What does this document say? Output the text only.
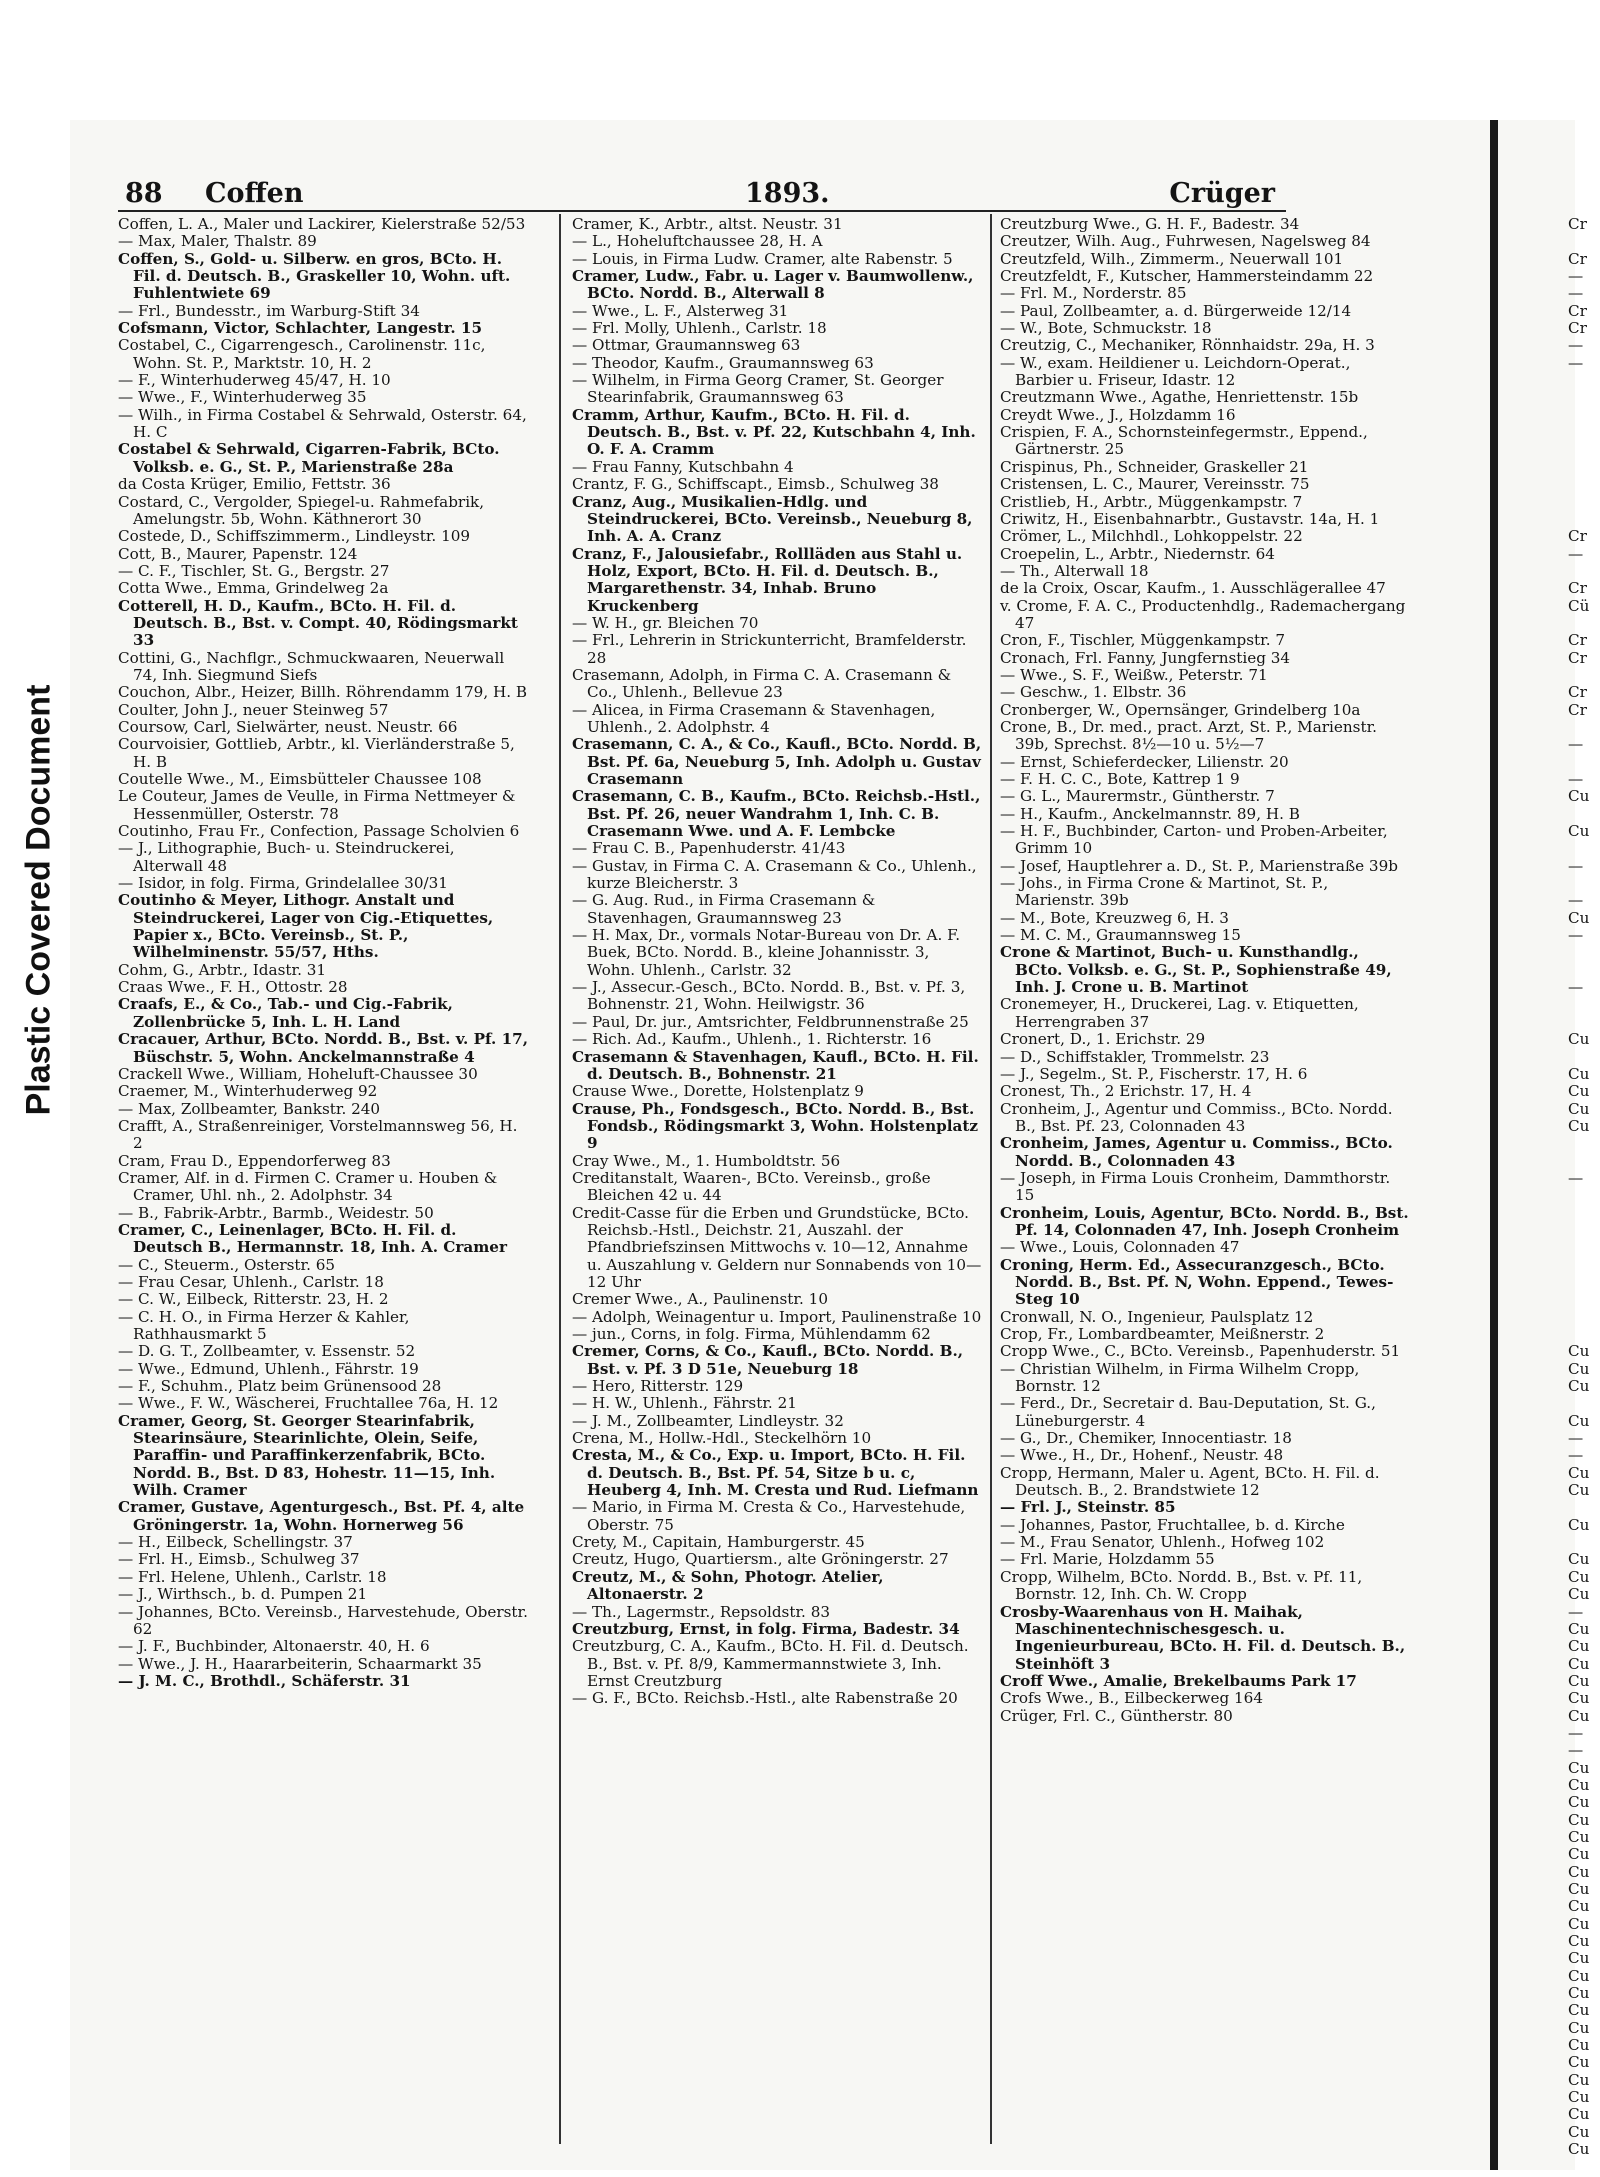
Plastic Covered Document
88 Coffen	1893.	Crüger

Coffen, L. A., Maler und Lackirer, Kielerstraße 52/53

— Max, Maler, Thalstr. 89

Coffen, S., Gold- u. Silberw. en gros, BCto. H. Fil. d. Deutsch. B., Graskeller 10, Wohn. uft. Fuhlentwiete 69

— Frl., Bundesstr., im Warburg-Stift 34

Cofsmann, Victor, Schlachter, Langestr. 15

Costabel, C., Cigarrengesch., Carolinenstr. 11c, Wohn. St. P., Marktstr. 10, H. 2

— F., Winterhuderweg 45/47, H. 10

— Wwe., F., Winterhuderweg 35

— Wilh., in Firma Costabel & Sehrwald, Osterstr. 64, H. C

Costabel & Sehrwald, Cigarren-Fabrik, BCto. Volksb. e. G., St. P., Marienstraße 28a

da Costa Krüger, Emilio, Fettstr. 36

Costard, C., Vergolder, Spiegel-u. Rahmefabrik, Amelungstr. 5b, Wohn. Käthnerort 30

Costede, D., Schiffszimmerm., Lindleystr. 109

Cott, B., Maurer, Papenstr. 124

— C. F., Tischler, St. G., Bergstr. 27

Cotta Wwe., Emma, Grindelweg 2a

Cotterell, H. D., Kaufm., BCto. H. Fil. d. Deutsch. B., Bst. v. Compt. 40, Rödingsmarkt 33

Cottini, G., Nachflgr., Schmuckwaaren, Neuerwall 74, Inh. Siegmund Siefs

Couchon, Albr., Heizer, Billh. Röhrendamm 179, H. B

Coulter, John J., neuer Steinweg 57

Coursow, Carl, Sielwärter, neust. Neustr. 66

Courvoisier, Gottlieb, Arbtr., kl. Vierländerstraße 5, H. B

Coutelle Wwe., M., Eimsbütteler Chaussee 108

Le Couteur, James de Veulle, in Firma Nettmeyer & Hessenmüller, Osterstr. 78

Coutinho, Frau Fr., Confection, Passage Scholvien 6

— J., Lithographie, Buch- u. Steindruckerei, Alterwall 48

— Isidor, in folg. Firma, Grindelallee 30/31

Coutinho & Meyer, Lithogr. Anstalt und Steindruckerei, Lager von Cig.-Etiquettes, Papier x., BCto. Vereinsb., St. P., Wilhelminenstr. 55/57, Hths.

Cohm, G., Arbtr., Idastr. 31

Craas Wwe., F. H., Ottostr. 28

Craafs, E., & Co., Tab.- und Cig.-Fabrik, Zollenbrücke 5, Inh. L. H. Land

Cracauer, Arthur, BCto. Nordd. B., Bst. v. Pf. 17, Büschstr. 5, Wohn. Anckelmannstraße 4

Crackell Wwe., William, Hoheluft-Chaussee 30

Craemer, M., Winterhuderweg 92

— Max, Zollbeamter, Bankstr. 240

Crafft, A., Straßenreiniger, Vorstelmannsweg 56, H. 2

Cram, Frau D., Eppendorferweg 83

Cramer, Alf. in d. Firmen C. Cramer u. Houben & Cramer, Uhl. nh., 2. Adolphstr. 34

— B., Fabrik-Arbtr., Barmb., Weidestr. 50

Cramer, C., Leinenlager, BCto. H. Fil. d. Deutsch B., Hermannstr. 18, Inh. A. Cramer

— C., Steuerm., Osterstr. 65

— Frau Cesar, Uhlenh., Carlstr. 18

— C. W., Eilbeck, Ritterstr. 23, H. 2

— C. H. O., in Firma Herzer & Kahler, Rathhausmarkt 5

— D. G. T., Zollbeamter, v. Essenstr. 52

— Wwe., Edmund, Uhlenh., Fährstr. 19

— F., Schuhm., Platz beim Grünensood 28

— Wwe., F. W., Wäscherei, Fruchtallee 76a, H. 12

Cramer, Georg, St. Georger Stearinfabrik, Stearinsäure, Stearinlichte, Olein, Seife, Paraffin- und Paraffinkerzenfabrik, BCto. Nordd. B., Bst. D 83, Hohestr. 11—15, Inh. Wilh. Cramer

Cramer, Gustave, Agenturgesch., Bst. Pf. 4, alte Gröningerstr. 1a, Wohn. Hornerweg 56

— H., Eilbeck, Schellingstr. 37

— Frl. H., Eimsb., Schulweg 37

— Frl. Helene, Uhlenh., Carlstr. 18

— J., Wirthsch., b. d. Pumpen 21

— Johannes, BCto. Vereinsb., Harvestehudе, Oberstr. 62

— J. F., Buchbinder, Altonaerstr. 40, H. 6

— Wwe., J. H., Haararbeiterin, Schaarmarkt 35

— J. M. C., Brothdl., Schäferstr. 31

Cramer, K., Arbtr., altst. Neustr. 31

— L., Hoheluftchaussee 28, H. A

— Louis, in Firma Ludw. Cramer, alte Rabenstr. 5

Cramer, Ludw., Fabr. u. Lager v. Baumwollenw., BCto. Nordd. B., Alterwall 8

— Wwe., L. F., Alsterweg 31

— Frl. Molly, Uhlenh., Carlstr. 18

— Ottmar, Graumannsweg 63

— Theodor, Kaufm., Graumannsweg 63

— Wilhelm, in Firma Georg Cramer, St. Georger Stearinfabrik, Graumannsweg 63

Cramm, Arthur, Kaufm., BCto. H. Fil. d. Deutsch. B., Bst. v. Pf. 22, Kutschbahn 4, Inh. O. F. A. Cramm

— Frau Fanny, Kutschbahn 4

Crantz, F. G., Schiffscapt., Eimsb., Schulweg 38

Cranz, Aug., Musikalien-Hdlg. und Steindruckerei, BCto. Vereinsb., Neueburg 8, Inh. A. A. Cranz

Cranz, F., Jalousiefabr., Rollläden aus Stahl u. Holz, Export, BCto. H. Fil. d. Deutsch. B., Margarethenstr. 34, Inhab. Bruno Kruckenberg

— W. H., gr. Bleichen 70

— Frl., Lehrerin in Strickunterricht, Bramfelderstr. 28

Crasemann, Adolph, in Firma C. A. Crasemann & Co., Uhlenh., Bellevue 23

— Alicea, in Firma Crasemann & Stavenhagen, Uhlenh., 2. Adolphstr. 4

Crasemann, C. A., & Co., Kaufl., BCto. Nordd. B, Bst. Pf. 6a, Neueburg 5, Inh. Adolph u. Gustav Crasemann

Crasemann, C. B., Kaufm., BCto. Reichsb.-Hstl., Bst. Pf. 26, neuer Wandrahm 1, Inh. C. B. Crasemann Wwe. und A. F. Lembcke

— Frau C. B., Papenhuderstr. 41/43

— Gustav, in Firma C. A. Crasemann & Co., Uhlenh., kurze Bleicherstr. 3

— G. Aug. Rud., in Firma Crasemann & Stavenhagen, Graumannsweg 23

— H. Max, Dr., vormals Notar-Bureau von Dr. A. F. Buek, BCto. Nordd. B., kleine Johannisstr. 3, Wohn. Uhlenh., Carlstr. 32

— J., Assecur.-Gesch., BCto. Nordd. B., Bst. v. Pf. 3, Bohnenstr. 21, Wohn. Heilwigstr. 36

— Paul, Dr. jur., Amtsrichter, Feldbrunnenstraße 25

— Rich. Ad., Kaufm., Uhlenh., 1. Richterstr. 16

Crasemann & Stavenhagen, Kaufl., BCto. H. Fil. d. Deutsch. B., Bohnenstr. 21

Crause Wwe., Dorette, Holstenplatz 9

Crause, Ph., Fondsgesch., BCto. Nordd. B., Bst. Fondsb., Rödingsmarkt 3, Wohn. Holstenplatz 9

Cray Wwe., M., 1. Humboldtstr. 56

Creditanstalt, Waaren-, BCto. Vereinsb., große Bleichen 42 u. 44

Credit-Casse für die Erben und Grundstücke, BCto. Reichsb.-Hstl., Deichstr. 21, Auszahl. der Pfandbriefszinsen Mittwochs v. 10—12, Annahme u. Auszahlung v. Geldern nur Sonnabends von 10—12 Uhr

Cremer Wwe., A., Paulinenstr. 10

— Adolph, Weinagentur u. Import, Paulinenstraße 10

— jun., Corns, in folg. Firma, Mühlendamm 62

Cremer, Corns, & Co., Kaufl., BCto. Nordd. B., Bst. v. Pf. 3 D 51e, Neueburg 18

— Hero, Ritterstr. 129

— H. W., Uhlenh., Fährstr. 21

— J. M., Zollbeamter, Lindleystr. 32

Crena, M., Hollw.-Hdl., Steckelhörn 10

Cresta, M., & Co., Exp. u. Import, BCto. H. Fil. d. Deutsch. B., Bst. Pf. 54, Sitze b u. c, Heuberg 4, Inh. M. Cresta und Rud. Liefmann

— Mario, in Firma M. Cresta & Co., Harvestehude, Oberstr. 75

Crety, M., Capitain, Hamburgerstr. 45

Creutz, Hugo, Quartiersm., alte Gröningerstr. 27

Creutz, M., & Sohn, Photogr. Atelier, Altonaerstr. 2

— Th., Lagermstr., Repsoldstr. 83

Creutzburg, Ernst, in folg. Firma, Badestr. 34

Creutzburg, C. A., Kaufm., BCto. H. Fil. d. Deutsch. B., Bst. v. Pf. 8/9, Kammermannstwiete 3, Inh. Ernst Creutzburg

— G. F., BCto. Reichsb.-Hstl., alte Rabenstraße 20

Creutzburg Wwe., G. H. F., Badestr. 34

Creutzer, Wilh. Aug., Fuhrwesen, Nagelsweg 84

Creutzfeld, Wilh., Zimmerm., Neuerwall 101

Creutzfeldt, F., Kutscher, Hammersteindamm 22

— Frl. M., Norderstr. 85

— Paul, Zollbeamter, a. d. Bürgerweide 12/14

— W., Bote, Schmuckstr. 18

Creutzig, C., Mechaniker, Rönnhaidstr. 29a, H. 3

— W., exam. Heildiener u. Leichdorn-Operat., Barbier u. Friseur, Idastr. 12

Creutzmann Wwe., Agathe, Henriettenstr. 15b

Creydt Wwe., J., Holzdamm 16

Crispien, F. A., Schornsteinfegermstr., Eppend., Gärtnerstr. 25

Crispinus, Ph., Schneider, Graskeller 21

Cristensen, L. C., Maurer, Vereinsstr. 75

Cristlieb, H., Arbtr., Müggenkampstr. 7

Criwitz, H., Eisenbahnarbtr., Gustavstr. 14a, H. 1

Crömer, L., Milchhdl., Lohkoppelstr. 22

Croepelin, L., Arbtr., Niedernstr. 64

— Th., Alterwall 18

de la Croix, Oscar, Kaufm., 1. Ausschlägerallee 47

v. Crome, F. A. C., Productenhdlg., Rademachergang 47

Cron, F., Tischler, Müggenkampstr. 7

Cronach, Frl. Fanny, Jungfernstieg 34

— Wwe., S. F., Weißw., Peterstr. 71

— Geschw., 1. Elbstr. 36

Cronberger, W., Opernsänger, Grindelberg 10a

Crone, B., Dr. med., pract. Arzt, St. P., Marienstr. 39b, Sprechst. 8½—10 u. 5½—7

— Ernst, Schieferdecker, Lilienstr. 20

— F. H. C. C., Bote, Kattrep 1 9

— G. L., Maurermstr., Güntherstr. 7

— H., Kaufm., Anckelmannstr. 89, H. B

— H. F., Buchbinder, Carton- und Proben-Arbeiter, Grimm 10

— Josef, Hauptlehrer a. D., St. P., Marienstraße 39b

— Johs., in Firma Crone & Martinot, St. P., Marienstr. 39b

— M., Bote, Kreuzweg 6, H. 3

— M. C. M., Graumannsweg 15

Crone & Martinot, Buch- u. Kunsthandlg., BCto. Volksb. e. G., St. P., Sophienstraße 49, Inh. J. Crone u. B. Martinot

Cronemeyer, H., Druckerei, Lag. v. Etiquetten, Herrengraben 37

Cronert, D., 1. Erichstr. 29

— D., Schiffstakler, Trommelstr. 23

— J., Segelm., St. P., Fischerstr. 17, H. 6

Cronest, Th., 2 Erichstr. 17, H. 4

Cronheim, J., Agentur und Commiss., BCto. Nordd. B., Bst. Pf. 23, Colonnaden 43

Cronheim, James, Agentur u. Commiss., BCto. Nordd. B., Colonnaden 43

— Joseph, in Firma Louis Cronheim, Dammthorstr. 15

Cronheim, Louis, Agentur, BCto. Nordd. B., Bst. Pf. 14, Colonnaden 47, Inh. Joseph Cronheim

— Wwe., Louis, Colonnaden 47

Croning, Herm. Ed., Assecuranzgesch., BCto. Nordd. B., Bst. Pf. N, Wohn. Eppend., Tewes-Steg 10

Cronwall, N. O., Ingenieur, Paulsplatz 12

Crop, Fr., Lombardbeamter, Meißnerstr. 2

Cropp Wwe., C., BCto. Vereinsb., Papenhuderstr. 51

— Christian Wilhelm, in Firma Wilhelm Cropp, Bornstr. 12

— Ferd., Dr., Secretair d. Bau-Deputation, St. G., Lüneburgerstr. 4

— G., Dr., Chemiker, Innocentiastr. 18

— Wwe., H., Dr., Hohenf., Neustr. 48

Cropp, Hermann, Maler u. Agent, BCto. H. Fil. d. Deutsch. B., 2. Brandstwiete 12

— Frl. J., Steinstr. 85

— Johannes, Pastor, Fruchtallee, b. d. Kirche

— M., Frau Senator, Uhlenh., Hofweg 102

— Frl. Marie, Holzdamm 55

Cropp, Wilhelm, BCto. Nordd. B., Bst. v. Pf. 11, Bornstr. 12, Inh. Ch. W. Cropp

Crosby-Waarenhaus von H. Maihak, Maschinentechnischesgesch. u. Ingenieurbureau, BCto. H. Fil. d. Deutsch. B., Steinhöft 3

Croff Wwe., Amalie, Brekelbaums Park 17

Crofs Wwe., B., Eilbeckerweg 164

Crüger, Frl. C., Güntherstr. 80

Cr
Cr
—
—
Cr
Cr
—
—
Cr
—
Cr
Cü
Cr
Cr
Cr
Cr
—
—
Cu
Cu
—
—
Cu
—
—
Cu
Cu
Cu
Cu
Cu
—
Cu
Cu
Cu
Cu
—
—
Cu
Cu
Cu
Cu
Cu
Cu
—
Cu
Cu
Cu
Cu
Cu
Cu
—
—
Cu
Cu
Cu
Cu
Cu
Cu
Cu
Cu
Cu
Cu
Cu
Cu
Cu
Cu
Cu
Cu
Cu
Cu
Cu
Cu
Cu
Cu
Cu
